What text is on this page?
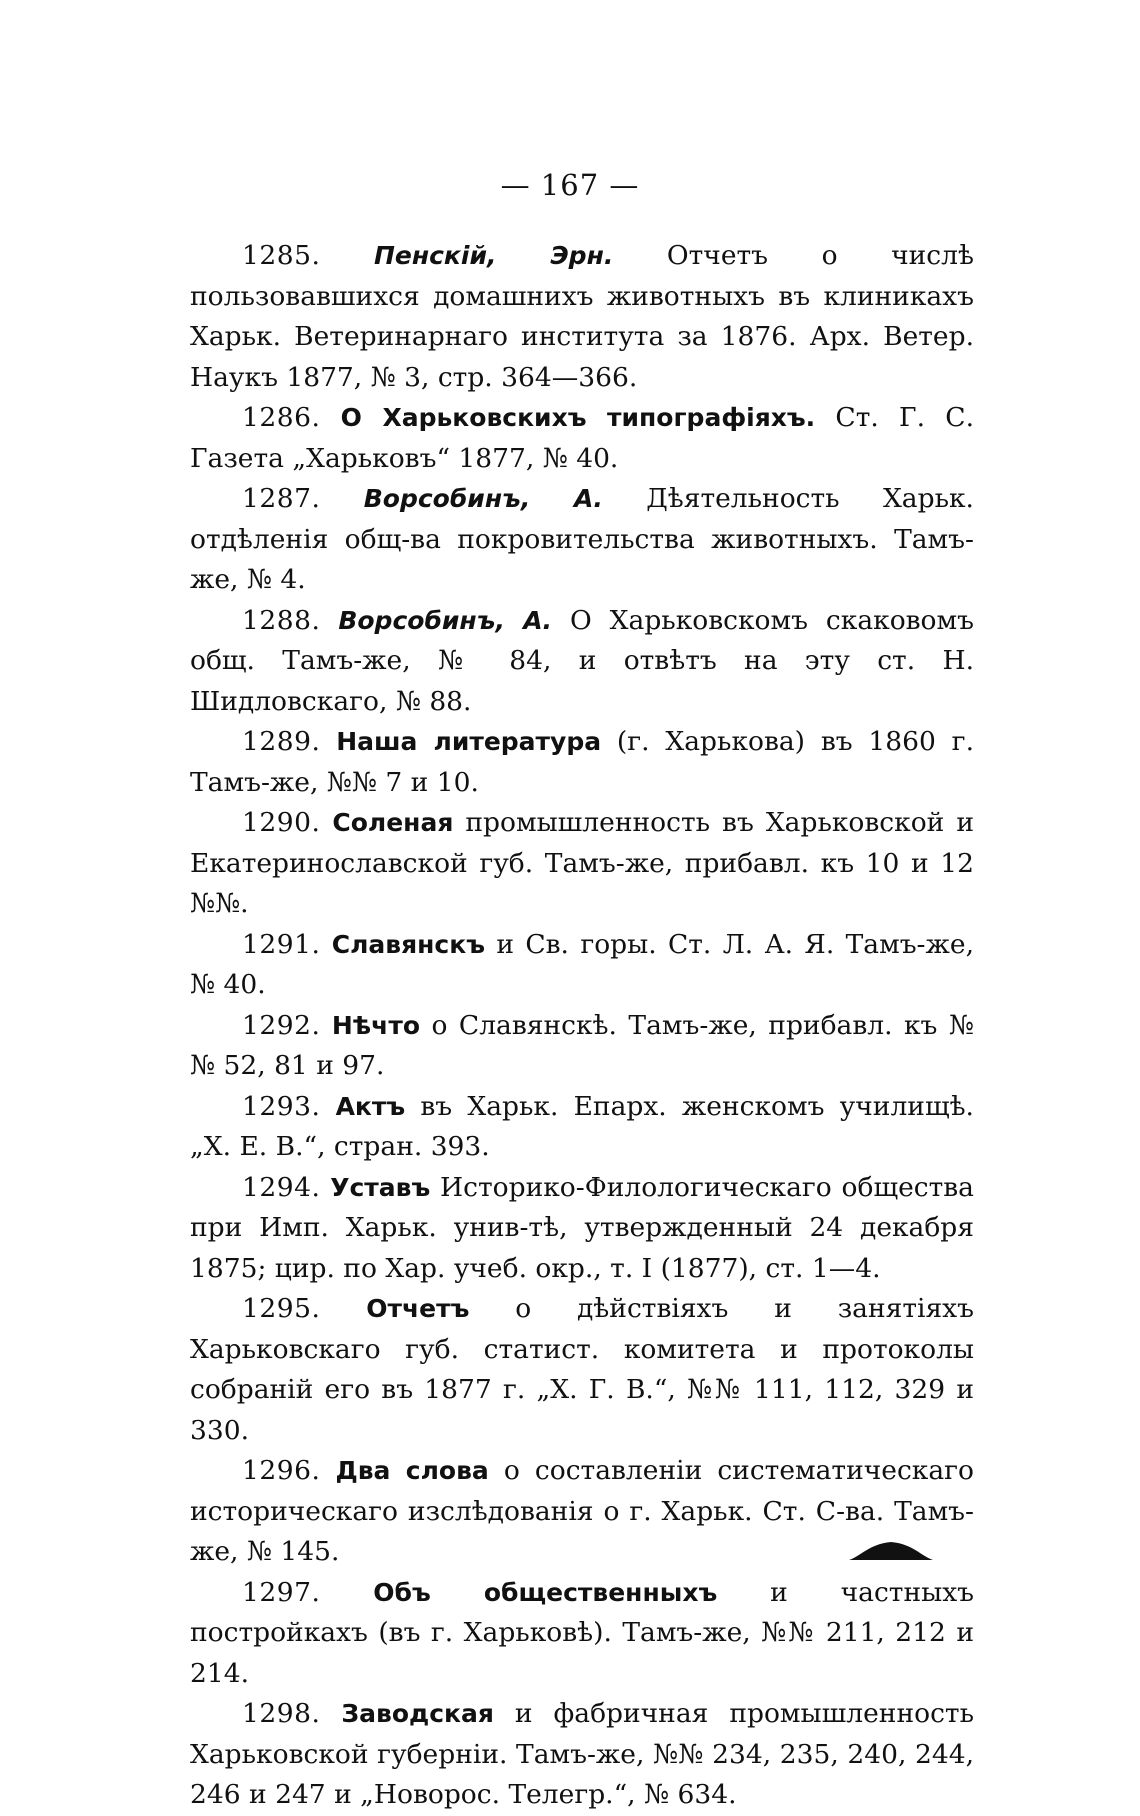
— 167 —

1285. Пенскій, Эрн. Отчетъ о числѣ пользовавшихся домашнихъ животныхъ въ клиникахъ Харьк. Ветеринарнаго института за 1876. Арх. Ветер. Наукъ 1877, № 3, стр. 364—366.

1286. О Харьковскихъ типографіяхъ. Ст. Г. С. Газета „Харьковъ“ 1877, № 40.

1287. Ворсобинъ, А. Дѣятельность Харьк. отдѣленія общ-ва покровительства животныхъ. Тамъ-же, № 4.

1288. Ворсобинъ, А. О Харьковскомъ скаковомъ общ. Тамъ-же, № 84, и отвѣтъ на эту ст. Н. Шидловскаго, № 88.

1289. Наша литература (г. Харькова) въ 1860 г. Тамъ-же, №№ 7 и 10.

1290. Соленая промышленность въ Харьковской и Екатеринославской губ. Тамъ-же, прибавл. къ 10 и 12 №№.

1291. Славянскъ и Св. горы. Ст. Л. А. Я. Тамъ-же, № 40.

1292. Нѣчто о Славянскѣ. Тамъ-же, прибавл. къ №№ 52, 81 и 97.

1293. Актъ въ Харьк. Епарх. женскомъ училищѣ. „Х. Е. В.“, стран. 393.

1294. Уставъ Историко-Филологическаго общества при Имп. Харьк. унив-тѣ, утвержденный 24 декабря 1875; цир. по Хар. учеб. окр., т. I (1877), ст. 1—4.

1295. Отчетъ о дѣйствіяхъ и занятіяхъ Харьковскаго губ. статист. комитета и протоколы собраній его въ 1877 г. „Х. Г. В.“, №№ 111, 112, 329 и 330.

1296. Два слова о составленіи систематическаго историческаго изслѣдованія о г. Харьк. Ст. С-ва. Тамъ-же, № 145.

1297. Объ общественныхъ и частныхъ постройкахъ (въ г. Харьковѣ). Тамъ-же, №№ 211, 212 и 214.

1298. Заводская и фабричная промышленность Харьковской губерніи. Тамъ-же, №№ 234, 235, 240, 244, 246 и 247 и „Новорос. Телегр.“, № 634.
